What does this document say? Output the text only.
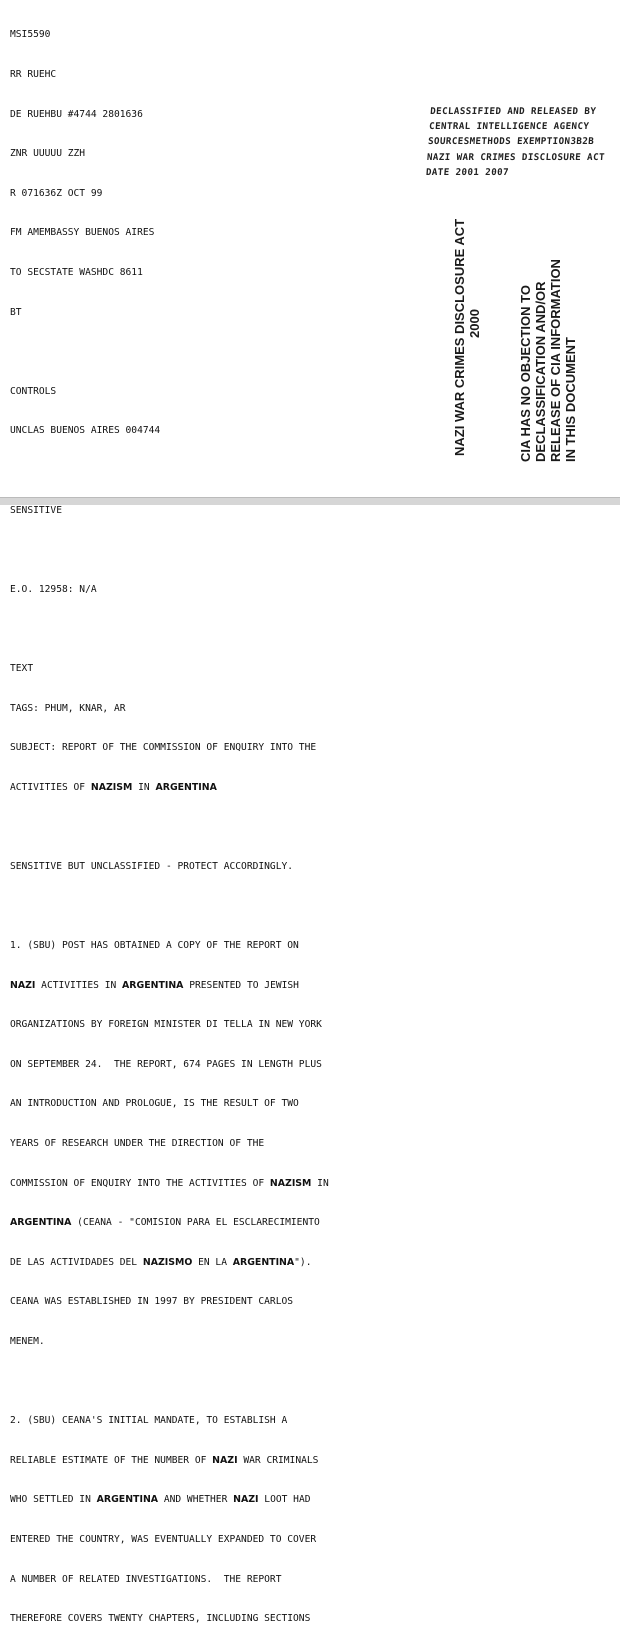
MSI5590

RR RUEHC

DE RUEHBU #4744 2801636

ZNR UUUUU ZZH

R 071636Z OCT 99

FM AMEMBASSY BUENOS AIRES

TO SECSTATE WASHDC 8611

BT

CONTROLS

UNCLAS BUENOS AIRES 004744

SENSITIVE

E.O. 12958: N/A

TEXT

TAGS: PHUM, KNAR, AR

SUBJECT: REPORT OF THE COMMISSION OF ENQUIRY INTO THE

ACTIVITIES OF NAZISM IN ARGENTINA

SENSITIVE BUT UNCLASSIFIED - PROTECT ACCORDINGLY.

1. (SBU) POST HAS OBTAINED A COPY OF THE REPORT ON

NAZI ACTIVITIES IN ARGENTINA PRESENTED TO JEWISH

ORGANIZATIONS BY FOREIGN MINISTER DI TELLA IN NEW YORK

ON SEPTEMBER 24.  THE REPORT, 674 PAGES IN LENGTH PLUS

AN INTRODUCTION AND PROLOGUE, IS THE RESULT OF TWO

YEARS OF RESEARCH UNDER THE DIRECTION OF THE

COMMISSION OF ENQUIRY INTO THE ACTIVITIES OF NAZISM IN

ARGENTINA (CEANA - "COMISION PARA EL ESCLARECIMIENTO

DE LAS ACTIVIDADES DEL NAZISMO EN LA ARGENTINA").

CEANA WAS ESTABLISHED IN 1997 BY PRESIDENT CARLOS

MENEM.

2. (SBU) CEANA'S INITIAL MANDATE, TO ESTABLISH A

RELIABLE ESTIMATE OF THE NUMBER OF NAZI WAR CRIMINALS

WHO SETTLED IN ARGENTINA AND WHETHER NAZI LOOT HAD

ENTERED THE COUNTRY, WAS EVENTUALLY EXPANDED TO COVER

A NUMBER OF RELATED INVESTIGATIONS.  THE REPORT

THEREFORE COVERS TWENTY CHAPTERS, INCLUDING SECTIONS

DECLASSIFIED AND RELEASED BY
CENTRAL INTELLIGENCE AGENCY
SOURCESMETHODS EXEMPTION3B2B
NAZI WAR CRIMES DISCLOSURE ACT
DATE 2001 2007
NAZI WAR CRIMES DISCLOSURE ACT
2000	CIA HAS NO OBJECTION TO
DECLASSIFICATION AND/OR
RELEASE OF CIA INFORMATION
IN THIS DOCUMENT
